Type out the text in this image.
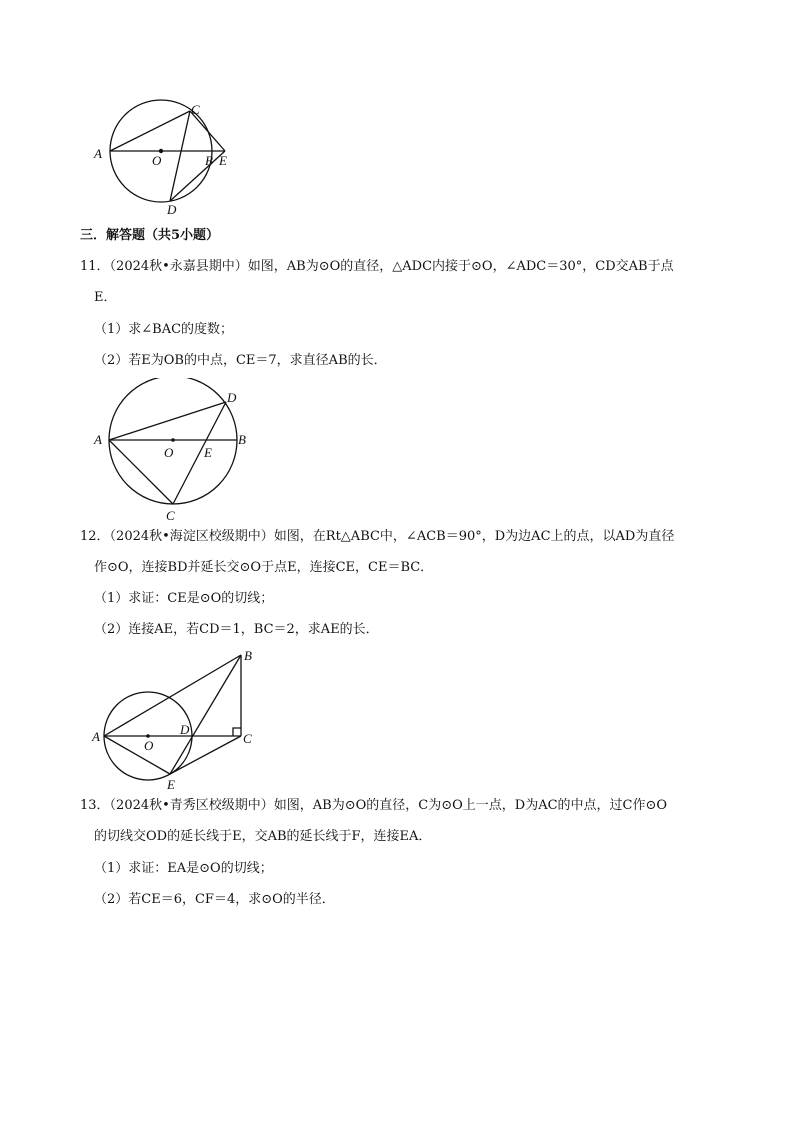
A	O	B E
C
D
三．解答题（共5小题）
11．（2024秋•永嘉县期中）如图，AB为⊙O的直径，△ADC内接于⊙O，∠ADC＝30°，CD交AB于点
E．
（1）求∠BAC的度数；
（2）若E为OB的中点，CE＝7，求直径AB的长．
A
O E
B
D
C
12．（2024秋•海淀区校级期中）如图，在Rt△ABC中，∠ACB＝90°，D为边AC上的点，以AD为直径
作⊙O，连接BD并延长交⊙O于点E，连接CE，CE＝BC．
（1）求证：CE是⊙O的切线；
（2）连接AE，若CD＝1，BC＝2，求AE的长．
A
O
D
C
B
E
13．（2024秋•青秀区校级期中）如图，AB为⊙O的直径，C为⊙O上一点，D为AC的中点，过C作⊙O
的切线交OD的延长线于E，交AB的延长线于F，连接EA．
（1）求证：EA是⊙O的切线；
（2）若CE＝6，CF＝4，求⊙O的半径．
